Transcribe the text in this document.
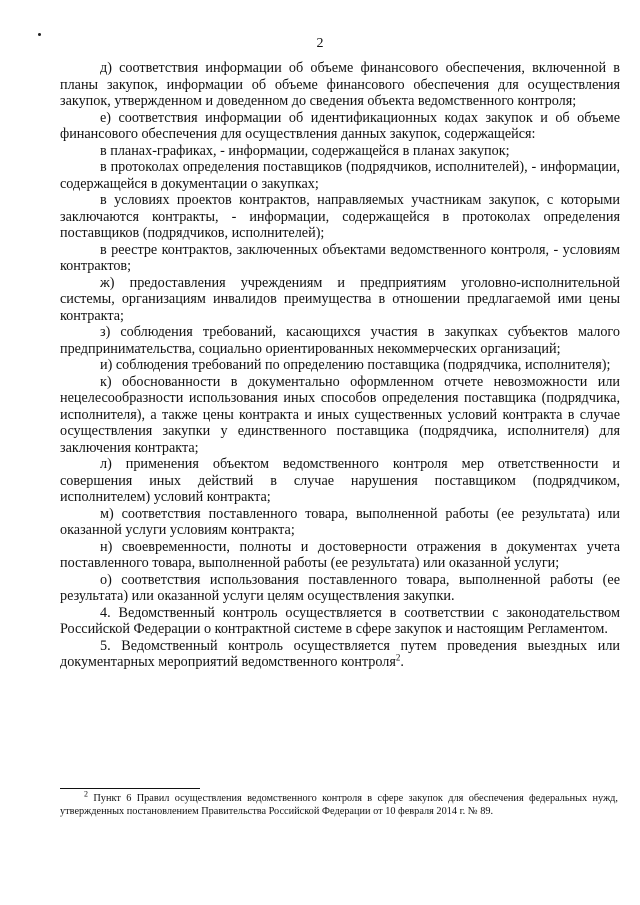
2

д) соответствия информации об объеме финансового обеспечения, включенной в планы закупок, информации об объеме финансового обеспечения для осуществления закупок, утвержденном и доведенном до сведения объекта ведомственного контроля;

е) соответствия информации об идентификационных кодах закупок и об объеме финансового обеспечения для осуществления данных закупок, содержащейся:

в планах-графиках, - информации, содержащейся в планах закупок;

в протоколах определения поставщиков (подрядчиков, исполнителей), - информации, содержащейся в документации о закупках;

в условиях проектов контрактов, направляемых участникам закупок, с которыми заключаются контракты, - информации, содержащейся в протоколах определения поставщиков (подрядчиков, исполнителей);

в реестре контрактов, заключенных объектами ведомственного контроля, - условиям контрактов;

ж) предоставления учреждениям и предприятиям уголовно-исполнительной системы, организациям инвалидов преимущества в отношении предлагаемой ими цены контракта;

з) соблюдения требований, касающихся участия в закупках субъектов малого предпринимательства, социально ориентированных некоммерческих организаций;

и) соблюдения требований по определению поставщика (подрядчика, исполнителя);

к) обоснованности в документально оформленном отчете невозможности или нецелесообразности использования иных способов определения поставщика (подрядчика, исполнителя), а также цены контракта и иных существенных условий контракта в случае осуществления закупки у единственного поставщика (подрядчика, исполнителя) для заключения контракта;

л) применения объектом ведомственного контроля мер ответственности и совершения иных действий в случае нарушения поставщиком (подрядчиком, исполнителем) условий контракта;

м) соответствия поставленного товара, выполненной работы (ее результата) или оказанной услуги условиям контракта;

н) своевременности, полноты и достоверности отражения в документах учета поставленного товара, выполненной работы (ее результата) или оказанной услуги;

о) соответствия использования поставленного товара, выполненной работы (ее результата) или оказанной услуги целям осуществления закупки.

4. Ведомственный контроль осуществляется в соответствии с законодательством Российской Федерации о контрактной системе в сфере закупок и настоящим Регламентом.

5. Ведомственный контроль осуществляется путем проведения выездных или документарных мероприятий ведомственного контроля$^2$.

$^2$ Пункт 6 Правил осуществления ведомственного контроля в сфере закупок для обеспечения федеральных нужд, утвержденных постановлением Правительства Российской Федерации от 10 февраля 2014 г. № 89.
